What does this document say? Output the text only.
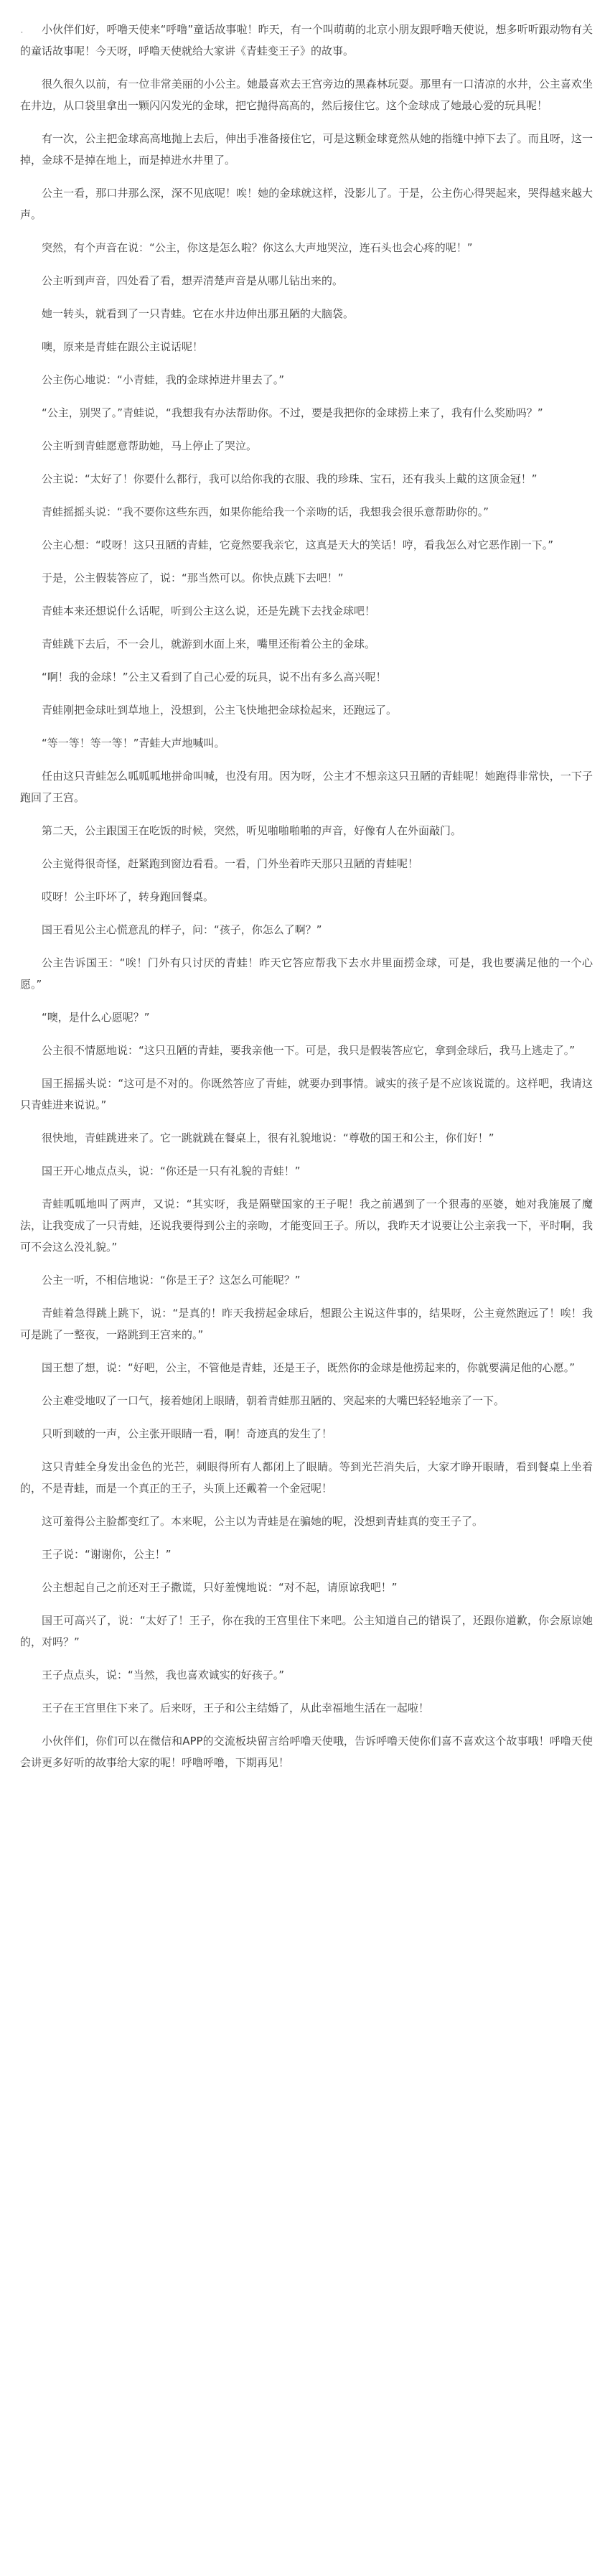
. 小伙伴们好，呼噜天使来“呼噜”童话故事啦！昨天，有一个叫萌萌的北京小朋友跟呼噜天使说，想多听听跟动物有关的童话故事呢！今天呀，呼噜天使就给大家讲《青蛙变王子》的故事。

很久很久以前，有一位非常美丽的小公主。她最喜欢去王宫旁边的黑森林玩耍。那里有一口清凉的水井，公主喜欢坐在井边，从口袋里拿出一颗闪闪发光的金球，把它抛得高高的，然后接住它。这个金球成了她最心爱的玩具呢！

有一次，公主把金球高高地抛上去后，伸出手准备接住它，可是这颗金球竟然从她的指缝中掉下去了。而且呀，这一掉，金球不是掉在地上，而是掉进水井里了。

公主一看，那口井那么深，深不见底呢！唉！她的金球就这样，没影儿了。于是，公主伤心得哭起来，哭得越来越大声。

突然，有个声音在说：“公主，你这是怎么啦？你这么大声地哭泣，连石头也会心疼的呢！”

公主听到声音，四处看了看，想弄清楚声音是从哪儿钻出来的。

她一转头，就看到了一只青蛙。它在水井边伸出那丑陋的大脑袋。

噢，原来是青蛙在跟公主说话呢！

公主伤心地说：“小青蛙，我的金球掉进井里去了。”

“公主，别哭了。”青蛙说，“我想我有办法帮助你。不过，要是我把你的金球捞上来了，我有什么奖励吗？”

公主听到青蛙愿意帮助她，马上停止了哭泣。

公主说：“太好了！你要什么都行，我可以给你我的衣服、我的珍珠、宝石，还有我头上戴的这顶金冠！”

青蛙摇摇头说：“我不要你这些东西，如果你能给我一个亲吻的话，我想我会很乐意帮助你的。”

公主心想：“哎呀！这只丑陋的青蛙，它竟然要我亲它，这真是天大的笑话！哼，看我怎么对它恶作剧一下。”

于是，公主假装答应了，说：“那当然可以。你快点跳下去吧！”

青蛙本来还想说什么话呢，听到公主这么说，还是先跳下去找金球吧！

青蛙跳下去后，不一会儿，就游到水面上来，嘴里还衔着公主的金球。

“啊！我的金球！”公主又看到了自己心爱的玩具，说不出有多么高兴呢！

青蛙刚把金球吐到草地上，没想到，公主飞快地把金球捡起来，还跑远了。

“等一等！等一等！”青蛙大声地喊叫。

任由这只青蛙怎么呱呱呱地拼命叫喊，也没有用。因为呀，公主才不想亲这只丑陋的青蛙呢！她跑得非常快，一下子跑回了王宫。

第二天，公主跟国王在吃饭的时候，突然，听见啪啪啪啪的声音，好像有人在外面敲门。

公主觉得很奇怪，赶紧跑到窗边看看。一看，门外坐着昨天那只丑陋的青蛙呢！

哎呀！公主吓坏了，转身跑回餐桌。

国王看见公主心慌意乱的样子，问：“孩子，你怎么了啊？”

公主告诉国王：“唉！门外有只讨厌的青蛙！昨天它答应帮我下去水井里面捞金球，可是，我也要满足他的一个心愿。”

“噢，是什么心愿呢？”

公主很不情愿地说：“这只丑陋的青蛙，要我亲他一下。可是，我只是假装答应它，拿到金球后，我马上逃走了。”

国王摇摇头说：“这可是不对的。你既然答应了青蛙，就要办到事情。诚实的孩子是不应该说谎的。这样吧，我请这只青蛙进来说说。”

很快地，青蛙跳进来了。它一跳就跳在餐桌上，很有礼貌地说：“尊敬的国王和公主，你们好！”

国王开心地点点头，说：“你还是一只有礼貌的青蛙！”

青蛙呱呱地叫了两声，又说：“其实呀，我是隔壁国家的王子呢！我之前遇到了一个狠毒的巫婆，她对我施展了魔法，让我变成了一只青蛙，还说我要得到公主的亲吻，才能变回王子。所以，我昨天才说要让公主亲我一下，平时啊，我可不会这么没礼貌。”

公主一听，不相信地说：“你是王子？这怎么可能呢？”

青蛙着急得跳上跳下，说：“是真的！昨天我捞起金球后，想跟公主说这件事的，结果呀，公主竟然跑远了！唉！我可是跳了一整夜，一路跳到王宫来的。”

国王想了想，说：“好吧，公主，不管他是青蛙，还是王子，既然你的金球是他捞起来的，你就要满足他的心愿。”

公主难受地叹了一口气，接着她闭上眼睛，朝着青蛙那丑陋的、突起来的大嘴巴轻轻地亲了一下。

只听到啵的一声，公主张开眼睛一看，啊！奇迹真的发生了！

这只青蛙全身发出金色的光芒，刺眼得所有人都闭上了眼睛。等到光芒消失后，大家才睁开眼睛，看到餐桌上坐着的，不是青蛙，而是一个真正的王子，头顶上还戴着一个金冠呢！

这可羞得公主脸都变红了。本来呢，公主以为青蛙是在骗她的呢，没想到青蛙真的变王子了。

王子说：“谢谢你，公主！”

公主想起自己之前还对王子撒谎，只好羞愧地说：“对不起，请原谅我吧！”

国王可高兴了，说：“太好了！王子，你在我的王宫里住下来吧。公主知道自己的错误了，还跟你道歉，你会原谅她的，对吗？”

王子点点头，说：“当然，我也喜欢诚实的好孩子。”

王子在王宫里住下来了。后来呀，王子和公主结婚了，从此幸福地生活在一起啦！

小伙伴们，你们可以在微信和APP的交流板块留言给呼噜天使哦，告诉呼噜天使你们喜不喜欢这个故事哦！呼噜天使会讲更多好听的故事给大家的呢！呼噜呼噜，下期再见！
